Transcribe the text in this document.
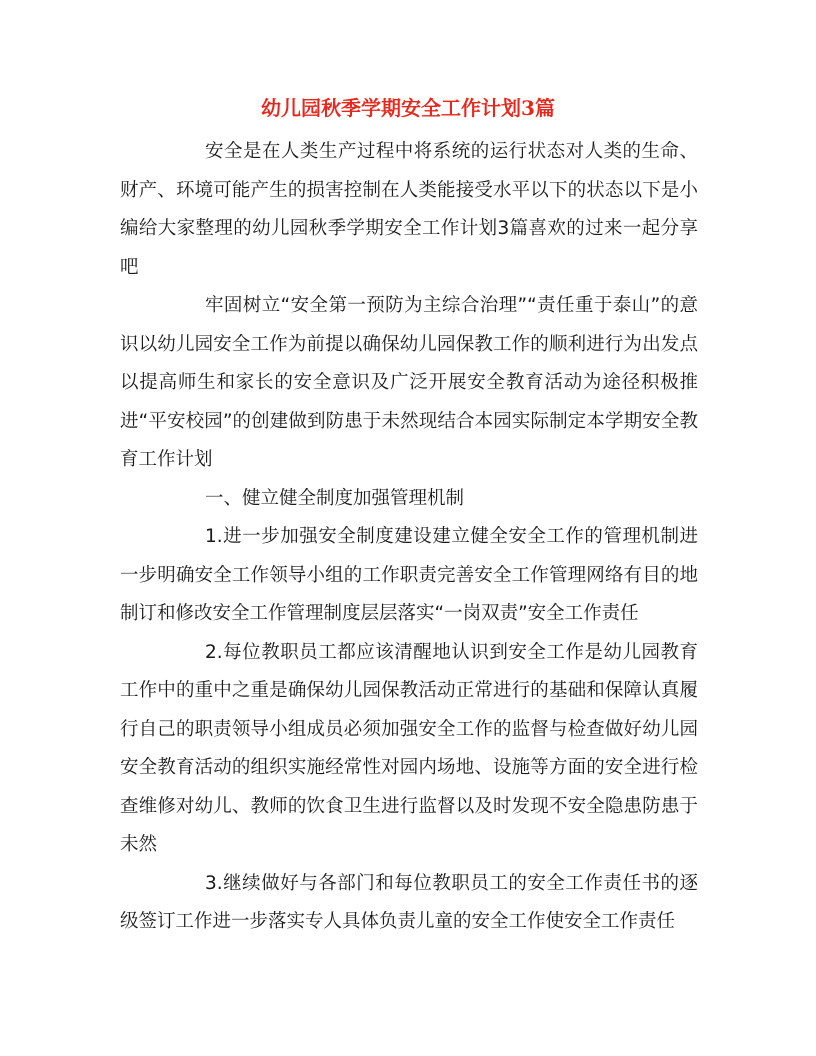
幼儿园秋季学期安全工作计划3篇

安全是在人类生产过程中将系统的运行状态对人类的生命、财产、环境可能产生的损害控制在人类能接受水平以下的状态以下是小编给大家整理的幼儿园秋季学期安全工作计划3篇喜欢的过来一起分享吧

牢固树立“安全第一预防为主综合治理”“责任重于泰山”的意识以幼儿园安全工作为前提以确保幼儿园保教工作的顺利进行为出发点以提高师生和家长的安全意识及广泛开展安全教育活动为途径积极推进“平安校园”的创建做到防患于未然现结合本园实际制定本学期安全教育工作计划

一、健立健全制度加强管理机制

1.进一步加强安全制度建设建立健全安全工作的管理机制进一步明确安全工作领导小组的工作职责完善安全工作管理网络有目的地制订和修改安全工作管理制度层层落实“一岗双责”安全工作责任

2.每位教职员工都应该清醒地认识到安全工作是幼儿园教育工作中的重中之重是确保幼儿园保教活动正常进行的基础和保障认真履行自己的职责领导小组成员必须加强安全工作的监督与检查做好幼儿园安全教育活动的组织实施经常性对园内场地、设施等方面的安全进行检查维修对幼儿、教师的饮食卫生进行监督以及时发现不安全隐患防患于未然

3.继续做好与各部门和每位教职员工的安全工作责任书的逐级签订工作进一步落实专人具体负责儿童的安全工作使安全工作责任
